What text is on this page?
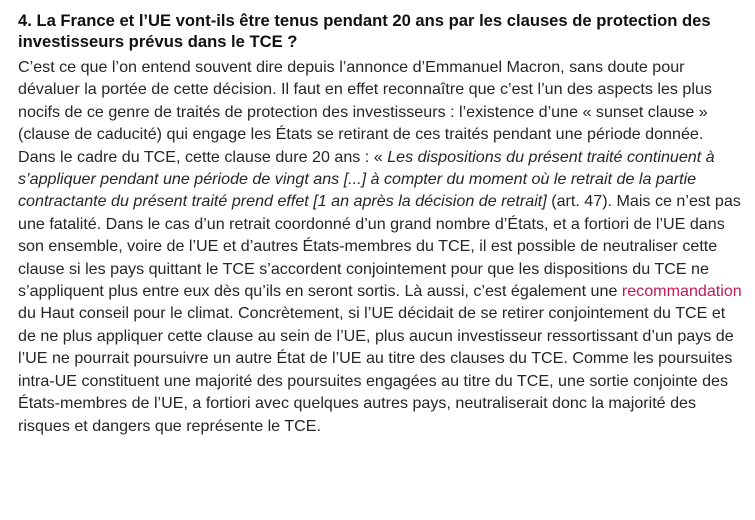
4. La France et l’UE vont-ils être tenus pendant 20 ans par les clauses de protection des investisseurs prévus dans le TCE ?

C’est ce que l’on entend souvent dire depuis l’annonce d’Emmanuel Macron, sans doute pour dévaluer la portée de cette décision. Il faut en effet reconnaître que c’est l’un des aspects les plus nocifs de ce genre de traités de protection des investisseurs : l’existence d’une « sunset clause » (clause de caducité) qui engage les États se retirant de ces traités pendant une période donnée. Dans le cadre du TCE, cette clause dure 20 ans : « Les dispositions du présent traité continuent à s’appliquer pendant une période de vingt ans [...] à compter du moment où le retrait de la partie contractante du présent traité prend effet [1 an après la décision de retrait] (art. 47). Mais ce n’est pas une fatalité. Dans le cas d’un retrait coordonné d’un grand nombre d’États, et a fortiori de l’UE dans son ensemble, voire de l’UE et d’autres États-membres du TCE, il est possible de neutraliser cette clause si les pays quittant le TCE s’accordent conjointement pour que les dispositions du TCE ne s’appliquent plus entre eux dès qu’ils en seront sortis. Là aussi, c’est également une recommandation du Haut conseil pour le climat. Concrètement, si l’UE décidait de se retirer conjointement du TCE et de ne plus appliquer cette clause au sein de l’UE, plus aucun investisseur ressortissant d’un pays de l’UE ne pourrait poursuivre un autre État de l’UE au titre des clauses du TCE. Comme les poursuites intra-UE constituent une majorité des poursuites engagées au titre du TCE, une sortie conjointe des États-membres de l’UE, a fortiori avec quelques autres pays, neutraliserait donc la majorité des risques et dangers que représente le TCE.
